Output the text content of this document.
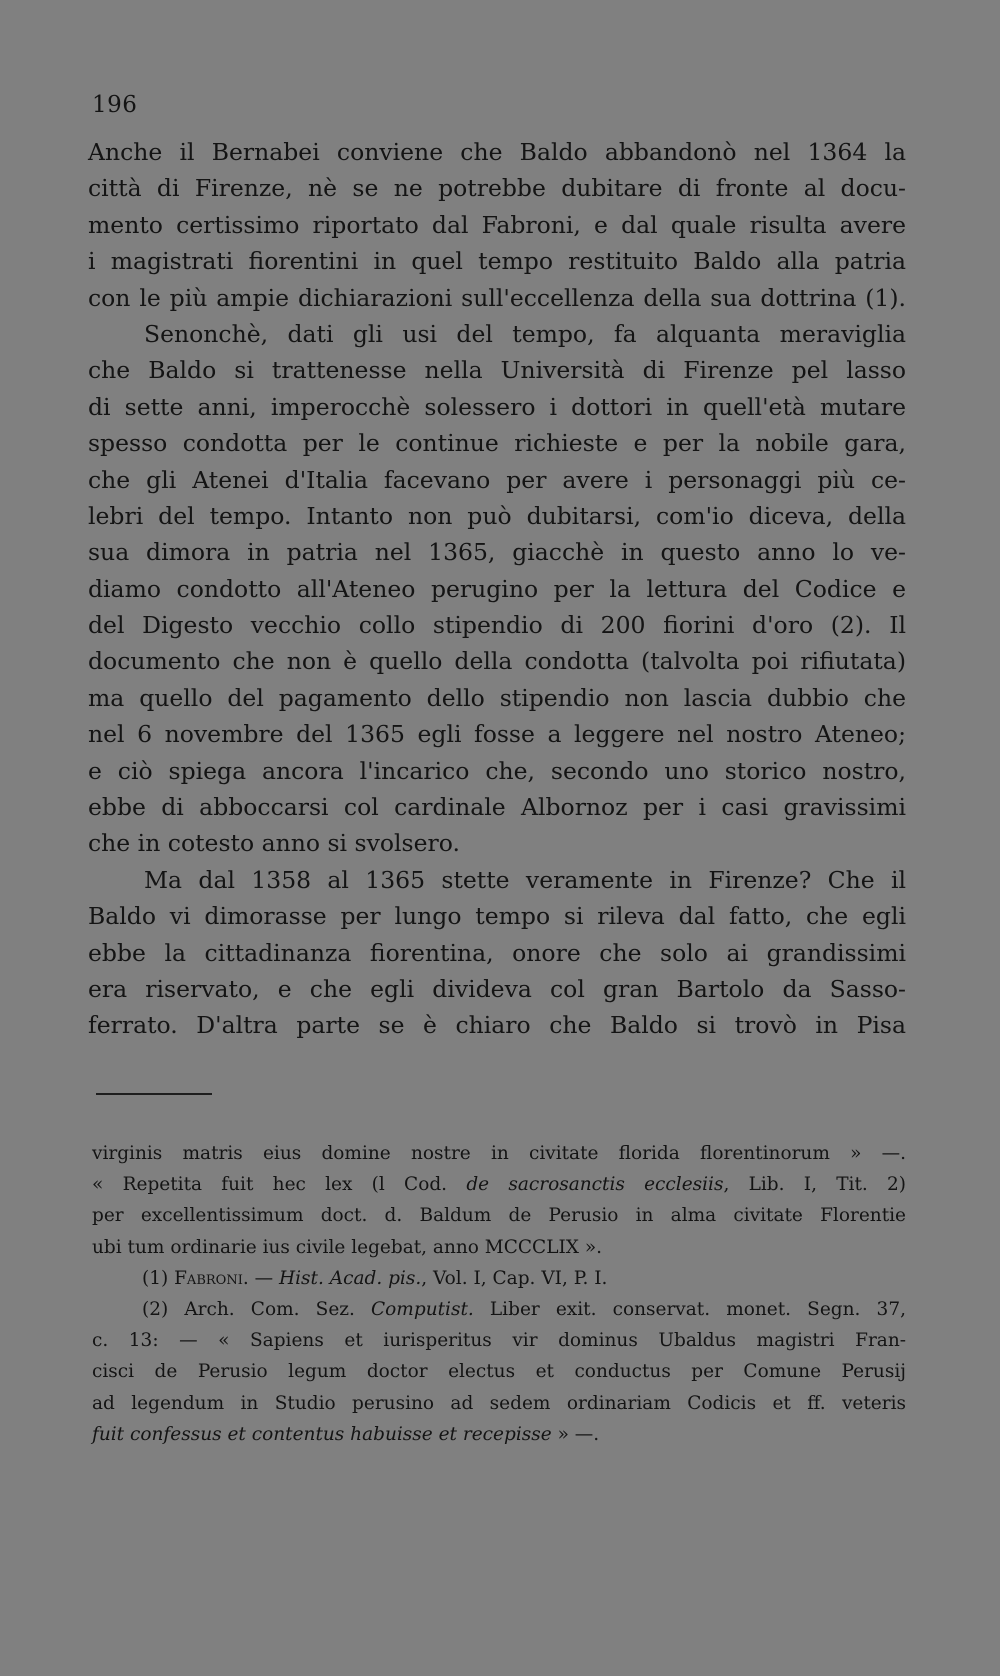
196
Anche il Bernabei conviene che Baldo abbandonò nel 1364 la
città di Firenze, nè se ne potrebbe dubitare di fronte al docu-
mento certissimo riportato dal Fabroni, e dal quale risulta avere
i magistrati fiorentini in quel tempo restituito Baldo alla patria
con le più ampie dichiarazioni sull'eccellenza della sua dottrina (1).
Senonchè, dati gli usi del tempo, fa alquanta meraviglia
che Baldo si trattenesse nella Università di Firenze pel lasso
di sette anni, imperocchè solessero i dottori in quell'età mutare
spesso condotta per le continue richieste e per la nobile gara,
che gli Atenei d'Italia facevano per avere i personaggi più ce-
lebri del tempo. Intanto non può dubitarsi, com'io diceva, della
sua dimora in patria nel 1365, giacchè in questo anno lo ve-
diamo condotto all'Ateneo perugino per la lettura del Codice e
del Digesto vecchio collo stipendio di 200 fiorini d'oro (2). Il
documento che non è quello della condotta (talvolta poi rifiutata)
ma quello del pagamento dello stipendio non lascia dubbio che
nel 6 novembre del 1365 egli fosse a leggere nel nostro Ateneo;
e ciò spiega ancora l'incarico che, secondo uno storico nostro,
ebbe di abboccarsi col cardinale Albornoz per i casi gravissimi
che in cotesto anno si svolsero.
Ma dal 1358 al 1365 stette veramente in Firenze? Che il
Baldo vi dimorasse per lungo tempo si rileva dal fatto, che egli
ebbe la cittadinanza fiorentina, onore che solo ai grandissimi
era riservato, e che egli divideva col gran Bartolo da Sasso-
ferrato. D'altra parte se è chiaro che Baldo si trovò in Pisa
virginis matris eius domine nostre in civitate florida florentinorum » —.
« Repetita fuit hec lex (l Cod. de sacrosanctis ecclesiis, Lib. I, Tit. 2)
per excellentissimum doct. d. Baldum de Perusio in alma civitate Florentie
ubi tum ordinarie ius civile legebat, anno MCCCLIX ».
(1) Fabroni. — Hist. Acad. pis., Vol. I, Cap. VI, P. I.
(2) Arch. Com. Sez. Computist. Liber exit. conservat. monet. Segn. 37,
c. 13: — « Sapiens et iurisperitus vir dominus Ubaldus magistri Fran-
cisci de Perusio legum doctor electus et conductus per Comune Perusij
ad legendum in Studio perusino ad sedem ordinariam Codicis et ff. veteris
fuit confessus et contentus habuisse et recepisse » —.
